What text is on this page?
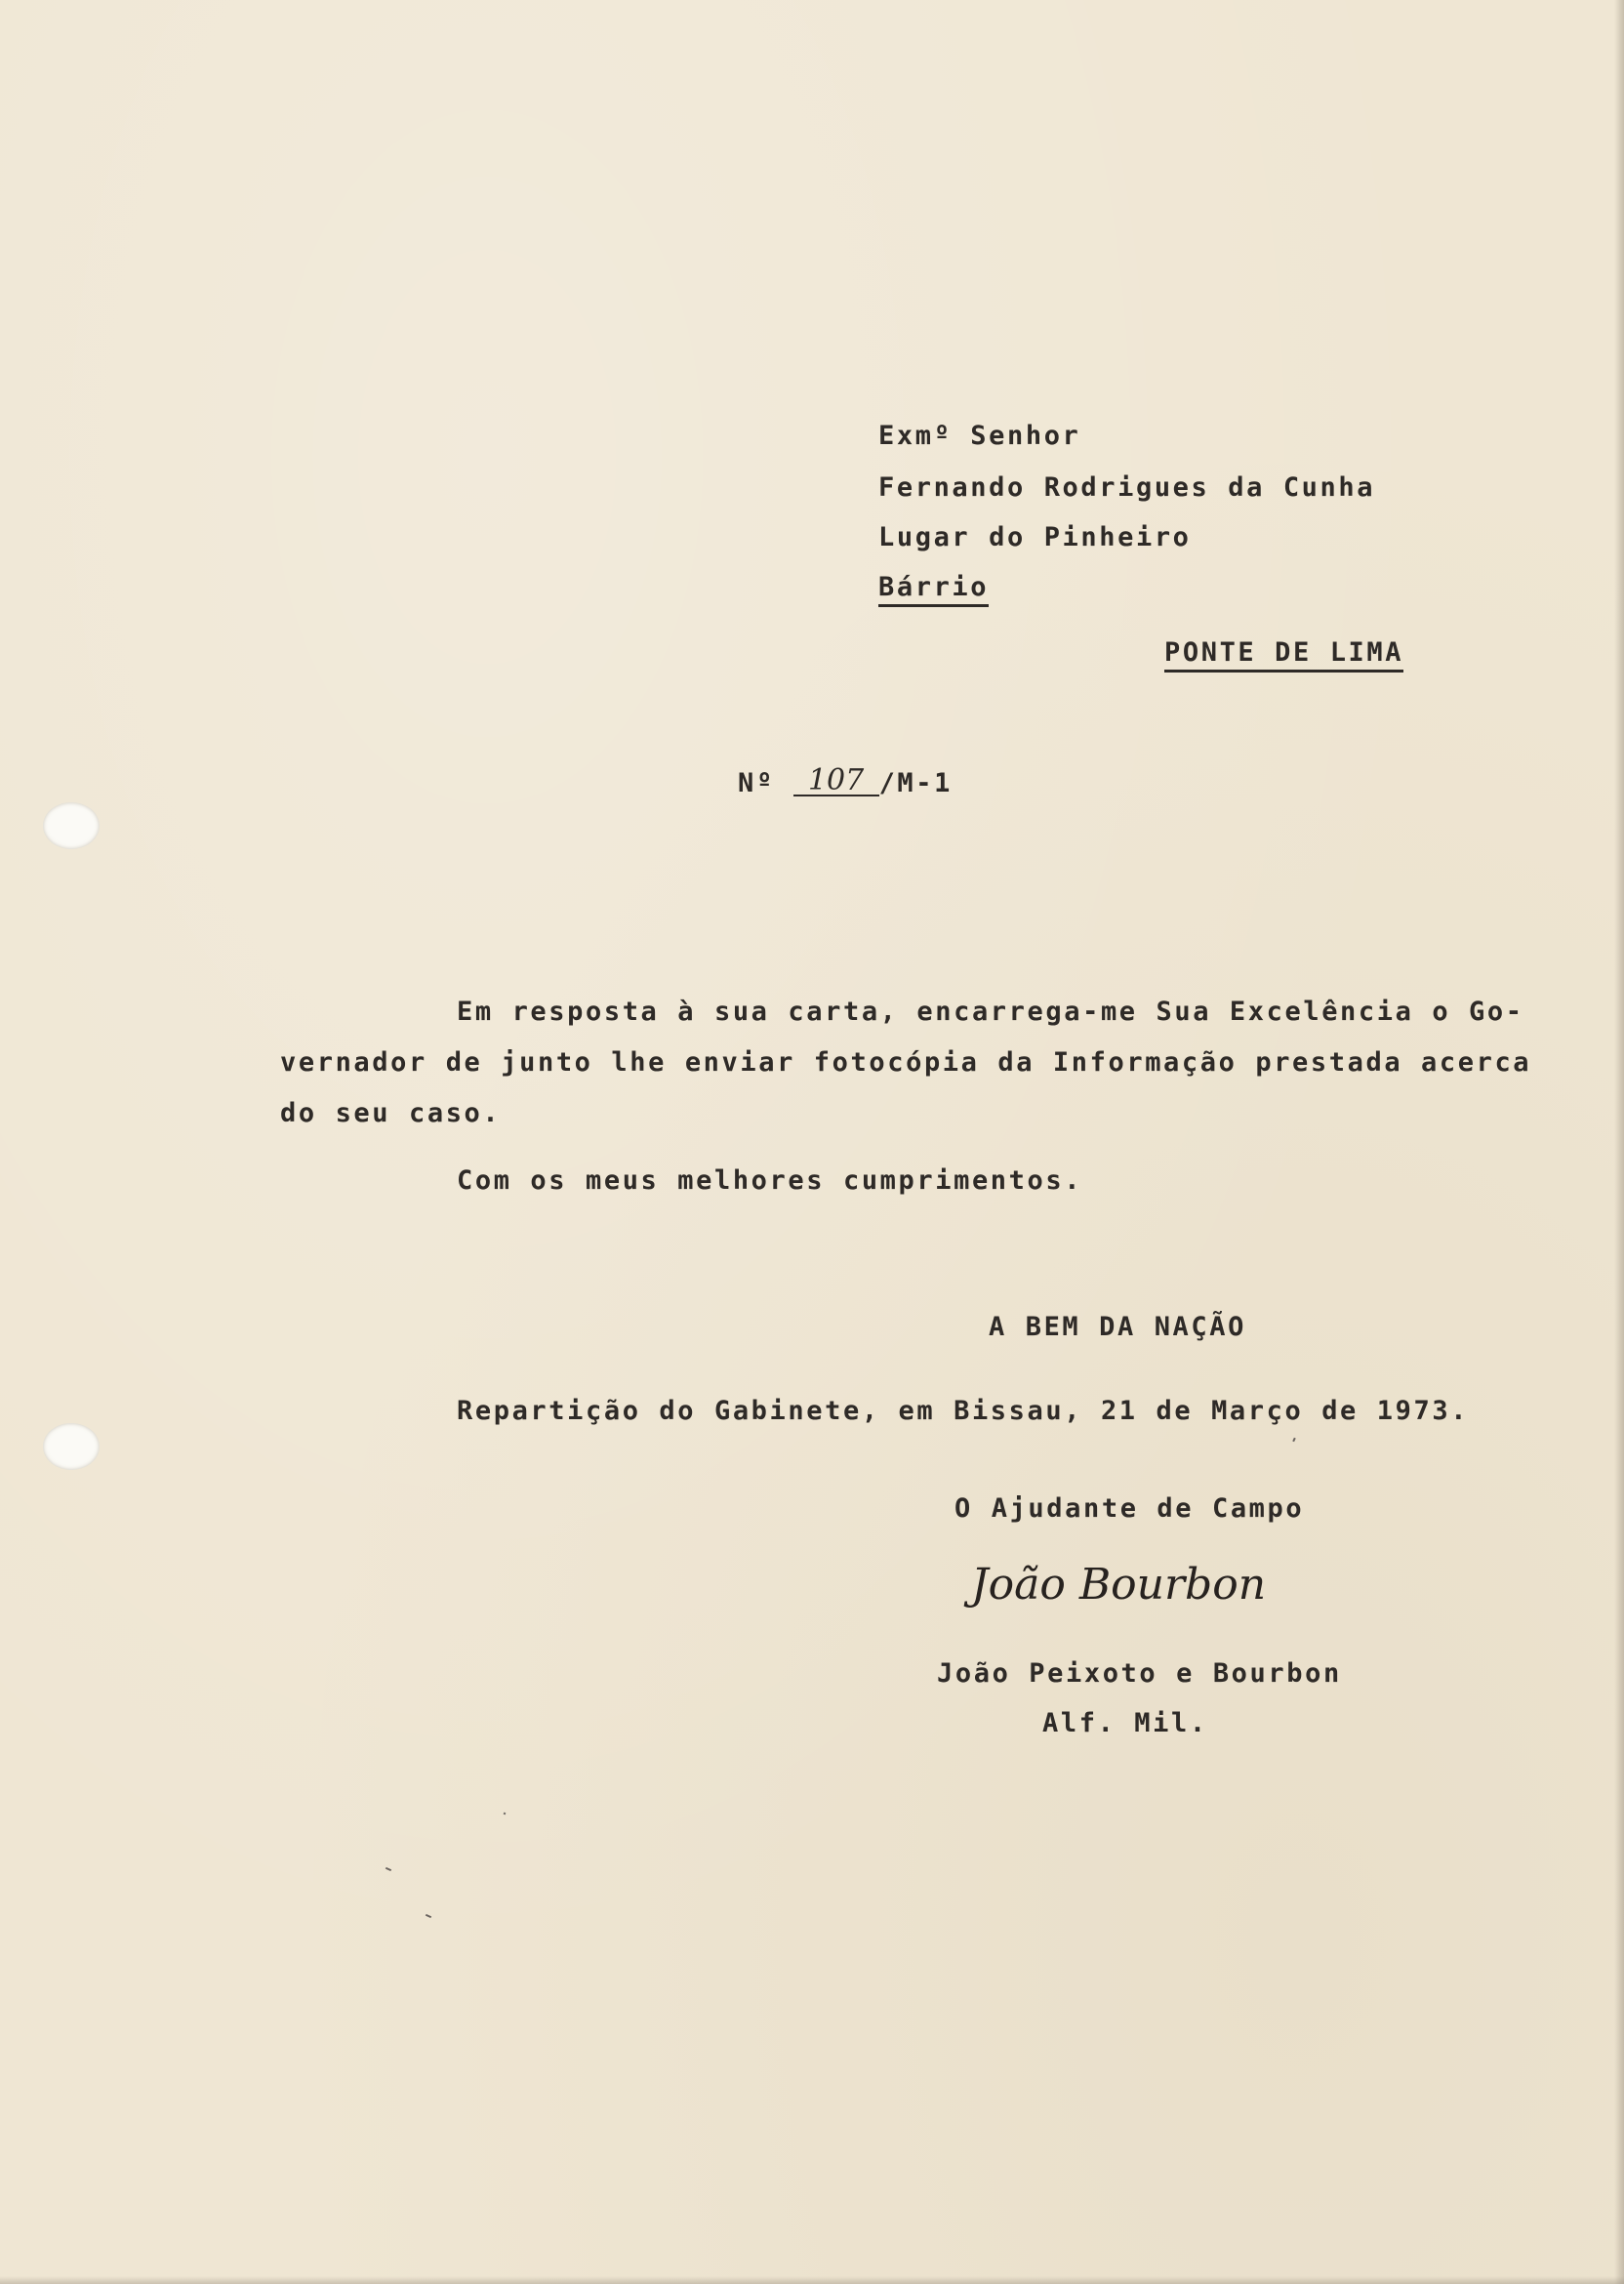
Exmº Senhor
Fernando Rodrigues da Cunha
Lugar do Pinheiro
Bárrio
PONTE DE LIMA
Nº 107 /M-1
Em resposta à sua carta, encarrega-me Sua Excelência o Go-
vernador de junto lhe enviar fotocópia da Informação prestada acerca
do seu caso.
Com os meus melhores cumprimentos.
A BEM DA NAÇÃO
Repartição do Gabinete, em Bissau, 21 de Março de 1973.
O Ajudante de Campo
João Bourbon
João Peixoto e Bourbon
Alf. Mil.
